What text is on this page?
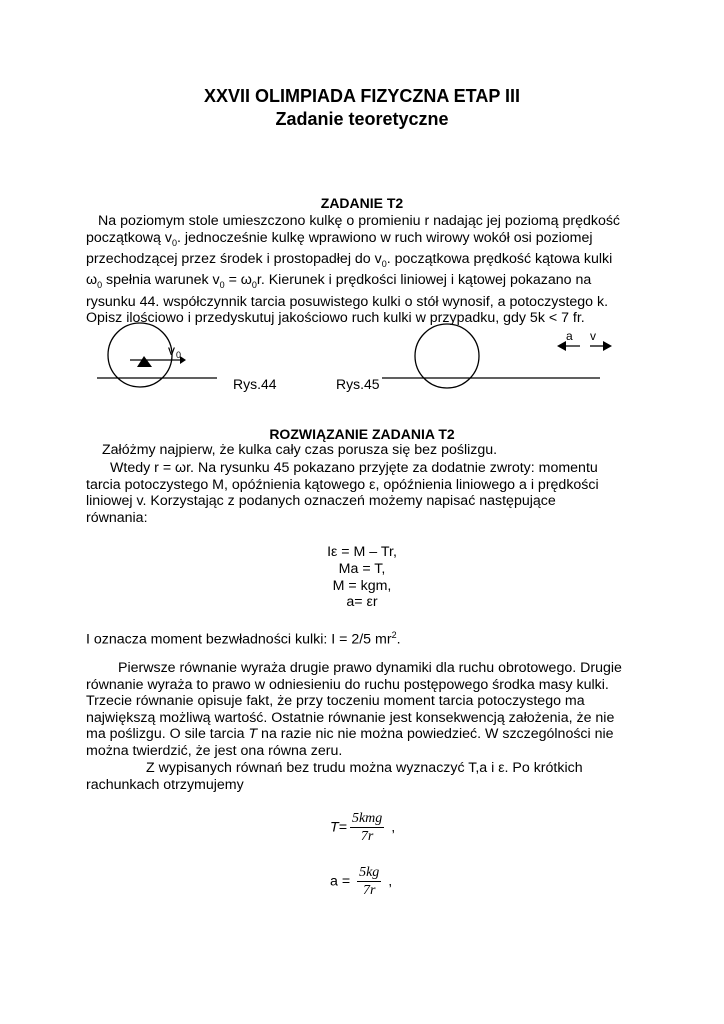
XXVII OLIMPIADA FIZYCZNA ETAP III
Zadanie teoretyczne
ZADANIE T2
Na poziomym stole umieszczono kulkę o promieniu r nadając jej poziomą prędkość
początkową $v_0$. jednocześnie kulkę wprawiono w ruch wirowy wokół osi poziomej
przechodzącej przez środek i prostopadłej do $v_0$. początkowa prędkość kątowa kulki
$\omega_0$ spełnia warunek $v_0 = \omega_0r$. Kierunek i prędkości liniowej i kątowej pokazano na
rysunku 44. współczynnik tarcia posuwistego kulki o stół wynosif, a potoczystego k.
Opisz ilościowo i przedyskutuj jakościowo ruch kulki w przypadku, gdy 5k < 7 fr.
v 0
a v
Rys.44	Rys.45
ROZWIĄZANIE ZADANIA T2
Załóżmy najpierw, że kulka cały czas porusza się bez poślizgu.
Wtedy r = ωr. Na rysunku 45 pokazano przyjęte za dodatnie zwroty: momentu
tarcia potoczystego M, opóźnienia kątowego ε, opóźnienia liniowego a i prędkości
liniowej v. Korzystając z podanych oznaczeń możemy napisać następujące
równania:
Iε = M – Tr,
Ma = T,
M = kgm,
a= εr
I oznacza moment bezwładności kulki: I = 2/5 $mr^2$.
Pierwsze równanie wyraża drugie prawo dynamiki dla ruchu obrotowego. Drugie
równanie wyraża to prawo w odniesieniu do ruchu postępowego środka masy kulki.
Trzecie równanie opisuje fakt, że przy toczeniu moment tarcia potoczystego ma
największą możliwą wartość. Ostatnie równanie jest konsekwencją założenia, że nie
ma poślizgu. O sile tarcia T na razie nic nie można powiedzieć. W szczególności nie
można twierdzić, że jest ona równa zeru.
Z wypisanych równań bez trudu można wyznaczyć T,a i ε. Po krótkich
rachunkach otrzymujemy
$T= \frac{\text{5kmg}}{7r}$ ,
$a = \frac{5kg}{7r}$ ,
